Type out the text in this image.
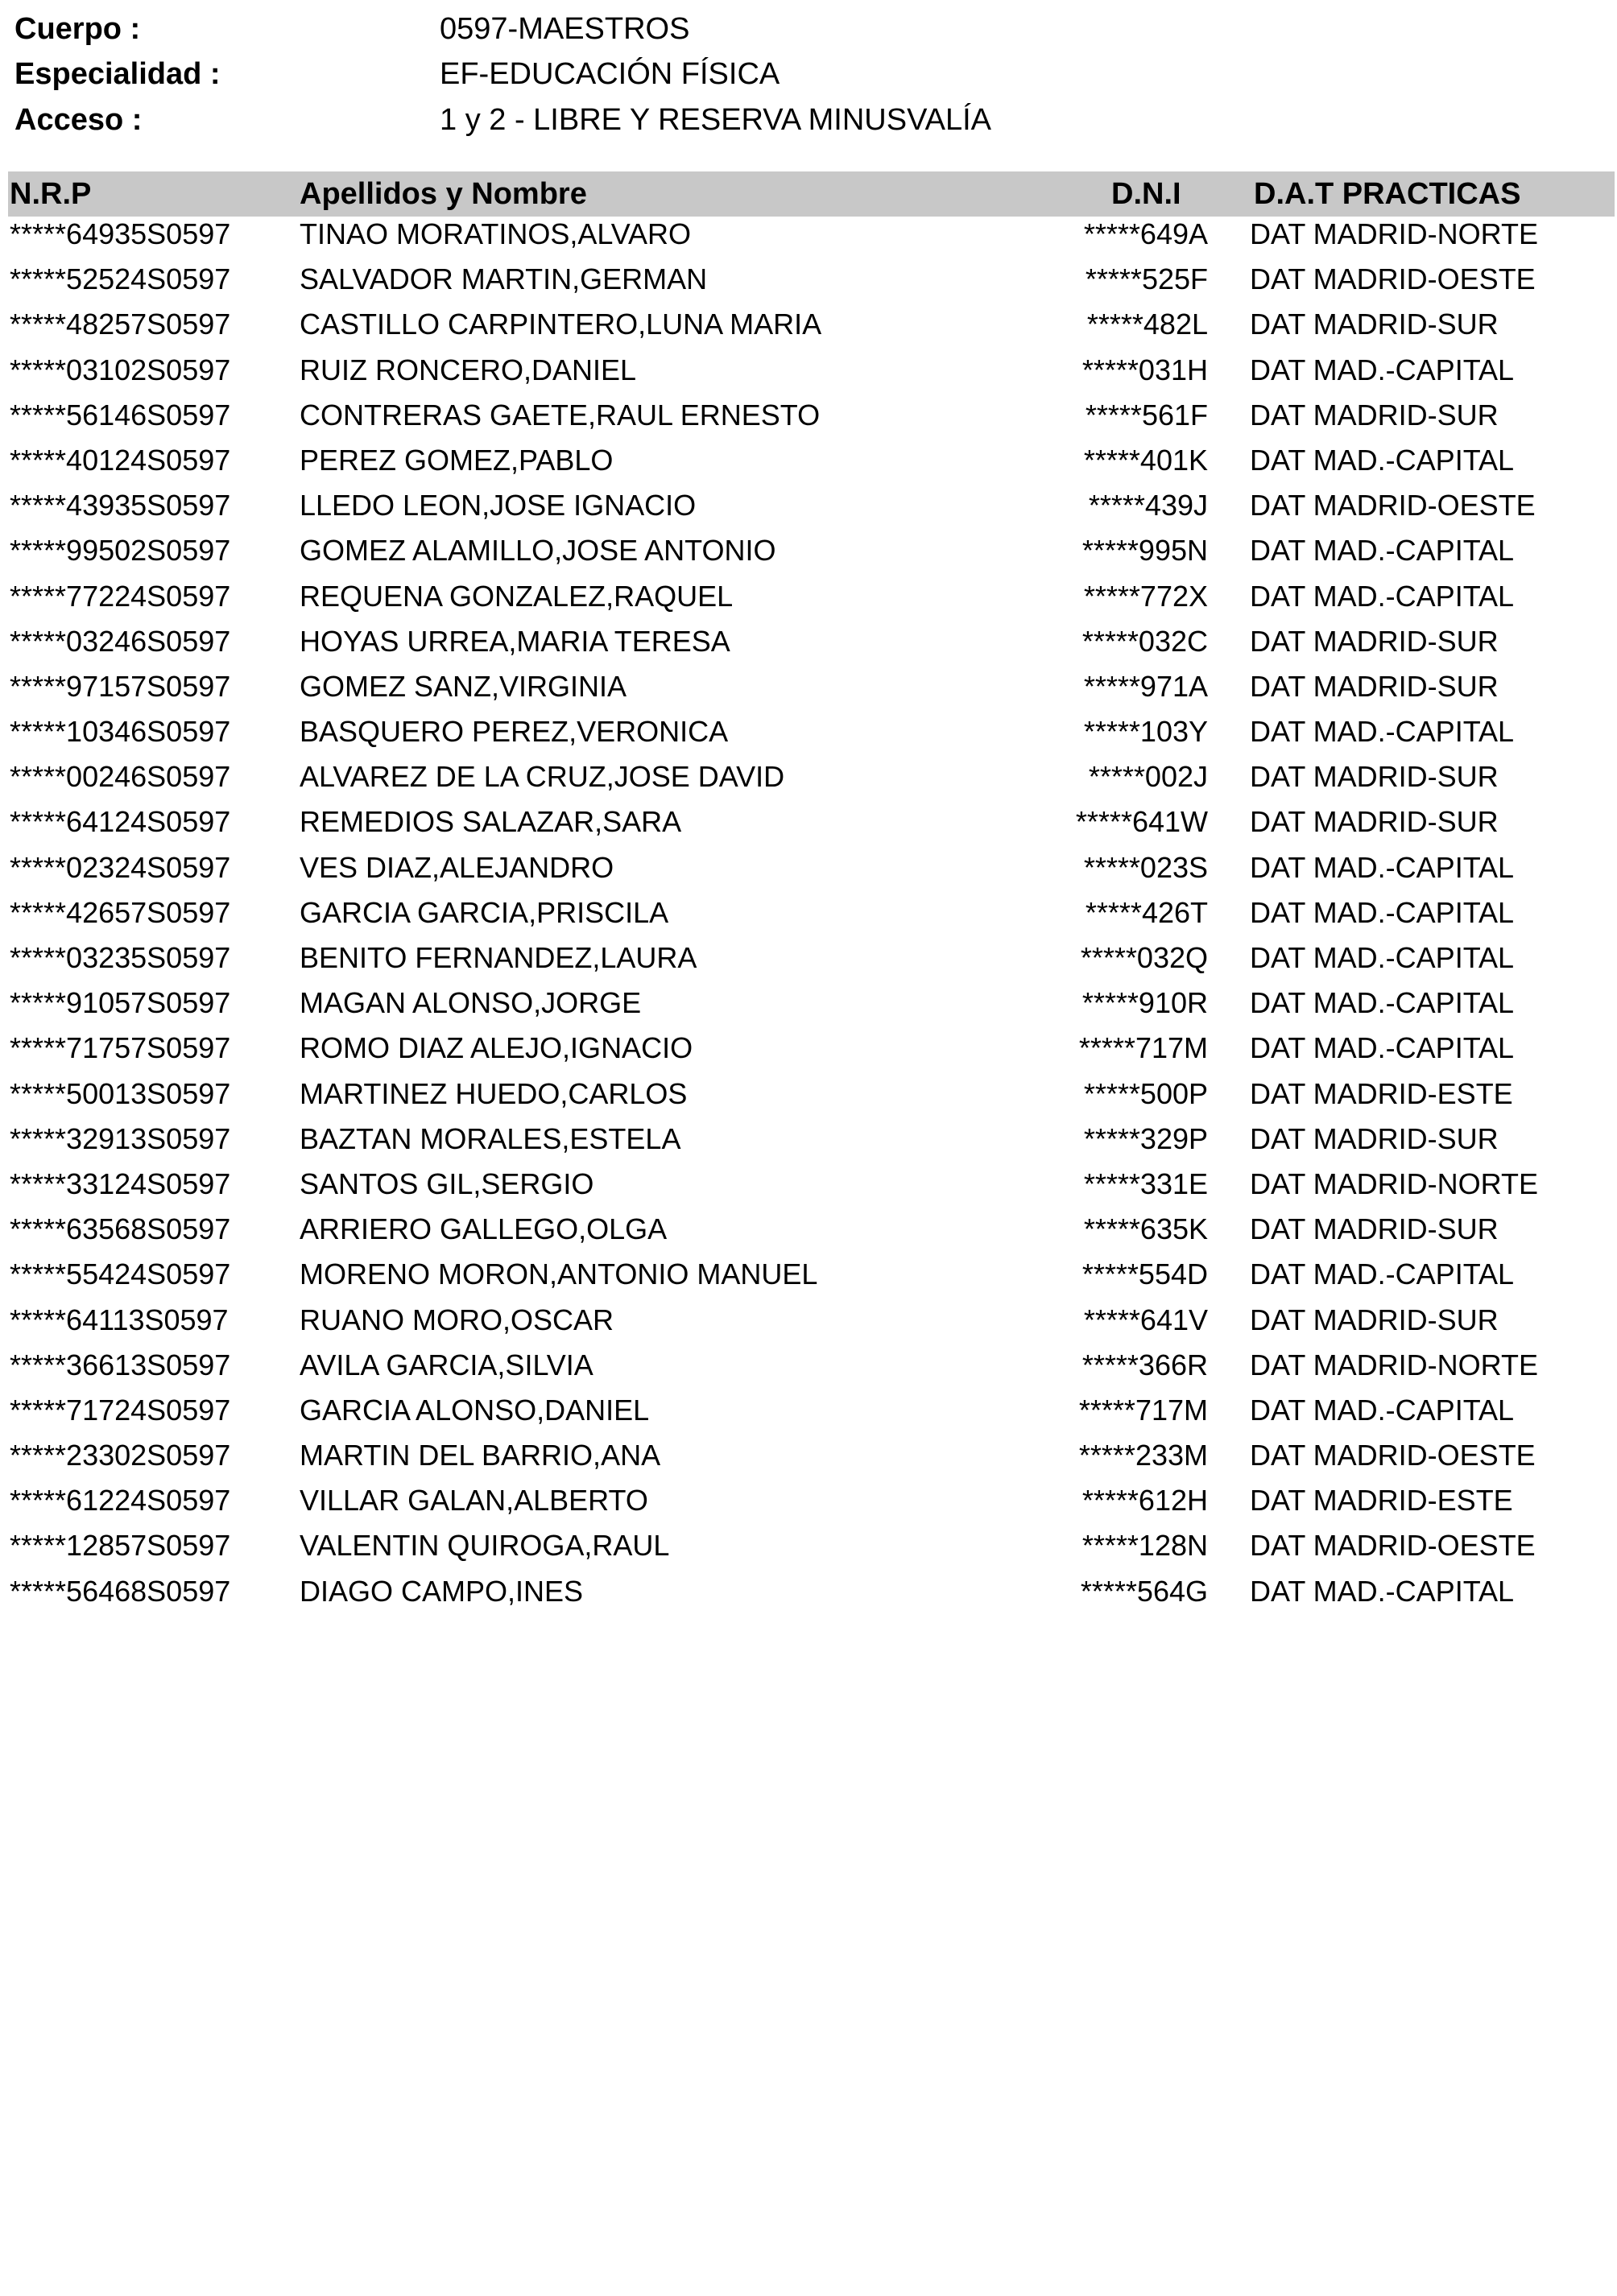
Cuerpo :	0597-MAESTROS
Especialidad :	EF-EDUCACIÓN FÍSICA
Acceso :	1 y 2 - LIBRE Y RESERVA MINUSVALÍA
N.R.P	Apellidos y Nombre	D.N.I D.A.T PRACTICAS
*****64935S0597 TINAO MORATINOS,ALVARO	*****649A DAT MADRID-NORTE
*****52524S0597 SALVADOR MARTIN,GERMAN	*****525F DAT MADRID-OESTE
*****48257S0597 CASTILLO CARPINTERO,LUNA MARIA	*****482L DAT MADRID-SUR
*****03102S0597 RUIZ RONCERO,DANIEL	*****031H DAT MAD.-CAPITAL
*****56146S0597 CONTRERAS GAETE,RAUL ERNESTO	*****561F DAT MADRID-SUR
*****40124S0597 PEREZ GOMEZ,PABLO	*****401K DAT MAD.-CAPITAL
*****43935S0597 LLEDO LEON,JOSE IGNACIO	*****439J DAT MADRID-OESTE
*****99502S0597 GOMEZ ALAMILLO,JOSE ANTONIO	*****995N DAT MAD.-CAPITAL
*****77224S0597 REQUENA GONZALEZ,RAQUEL	*****772X DAT MAD.-CAPITAL
*****03246S0597 HOYAS URREA,MARIA TERESA	*****032C DAT MADRID-SUR
*****97157S0597 GOMEZ SANZ,VIRGINIA	*****971A DAT MADRID-SUR
*****10346S0597 BASQUERO PEREZ,VERONICA	*****103Y DAT MAD.-CAPITAL
*****00246S0597 ALVAREZ DE LA CRUZ,JOSE DAVID	*****002J DAT MADRID-SUR
*****64124S0597 REMEDIOS SALAZAR,SARA	*****641W DAT MADRID-SUR
*****02324S0597 VES DIAZ,ALEJANDRO	*****023S DAT MAD.-CAPITAL
*****42657S0597 GARCIA GARCIA,PRISCILA	*****426T DAT MAD.-CAPITAL
*****03235S0597 BENITO FERNANDEZ,LAURA	*****032Q DAT MAD.-CAPITAL
*****91057S0597 MAGAN ALONSO,JORGE	*****910R DAT MAD.-CAPITAL
*****71757S0597 ROMO DIAZ ALEJO,IGNACIO	*****717M DAT MAD.-CAPITAL
*****50013S0597 MARTINEZ HUEDO,CARLOS	*****500P DAT MADRID-ESTE
*****32913S0597 BAZTAN MORALES,ESTELA	*****329P DAT MADRID-SUR
*****33124S0597 SANTOS GIL,SERGIO	*****331E DAT MADRID-NORTE
*****63568S0597 ARRIERO GALLEGO,OLGA	*****635K DAT MADRID-SUR
*****55424S0597 MORENO MORON,ANTONIO MANUEL	*****554D DAT MAD.-CAPITAL
*****64113S0597 RUANO MORO,OSCAR	*****641V DAT MADRID-SUR
*****36613S0597 AVILA GARCIA,SILVIA	*****366R DAT MADRID-NORTE
*****71724S0597 GARCIA ALONSO,DANIEL	*****717M DAT MAD.-CAPITAL
*****23302S0597 MARTIN DEL BARRIO,ANA	*****233M DAT MADRID-OESTE
*****61224S0597 VILLAR GALAN,ALBERTO	*****612H DAT MADRID-ESTE
*****12857S0597 VALENTIN QUIROGA,RAUL	*****128N DAT MADRID-OESTE
*****56468S0597 DIAGO CAMPO,INES	*****564G DAT MAD.-CAPITAL
